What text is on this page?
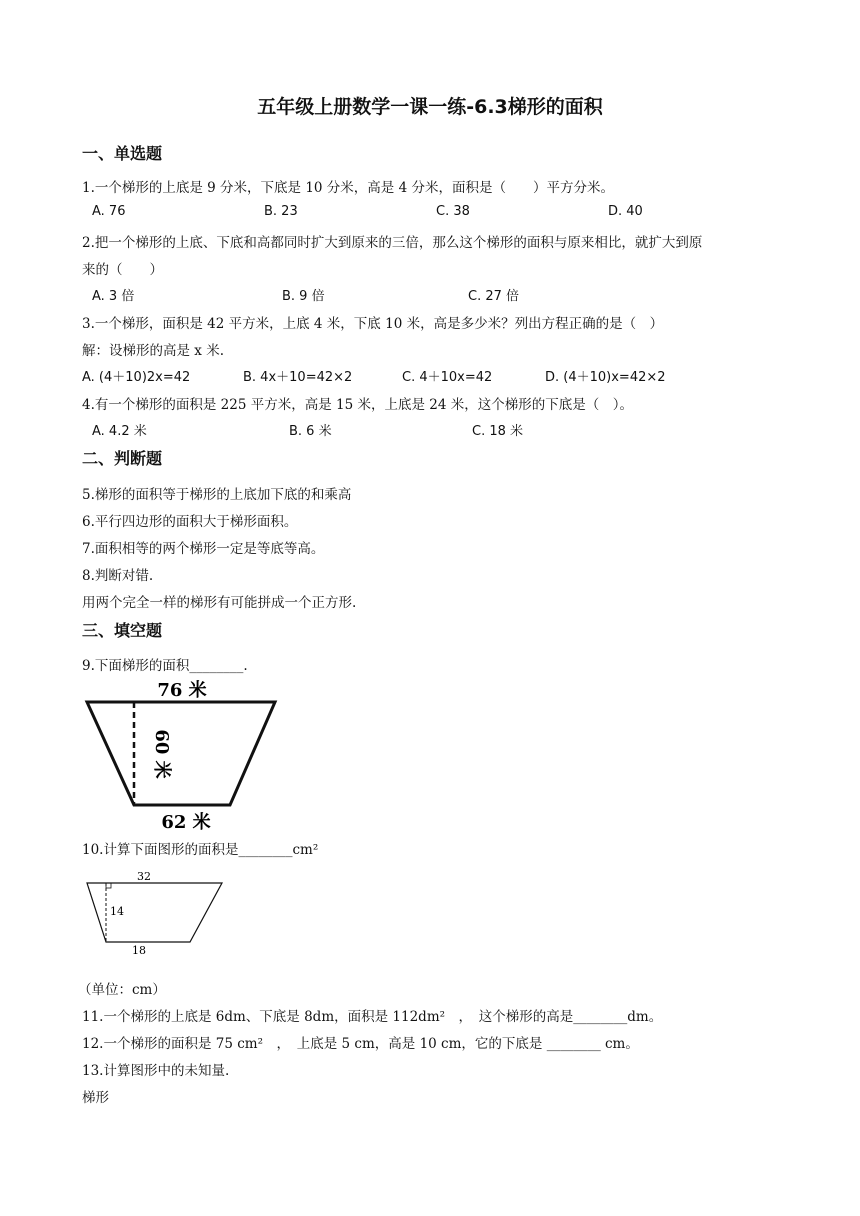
五年级上册数学一课一练-6.3梯形的面积
一、单选题
1.一个梯形的上底是 9 分米，下底是 10 分米，高是 4 分米，面积是（　　）平方分米。
A. 76	B. 23	C. 38	D. 40
2.把一个梯形的上底、下底和高都同时扩大到原来的三倍，那么这个梯形的面积与原来相比，就扩大到原
来的（　　）
A. 3 倍	B. 9 倍	C. 27 倍
3.一个梯形，面积是 42 平方米，上底 4 米，下底 10 米，高是多少米？列出方程正确的是（　）
解：设梯形的高是 x 米.
A. (4＋10)2x=42	B. 4x＋10=42×2	C. 4＋10x=42	D. (4＋10)x=42×2
4.有一个梯形的面积是 225 平方米，高是 15 米，上底是 24 米，这个梯形的下底是（　）。
A. 4.2 米	B. 6 米	C. 18 米
二、判断题
5.梯形的面积等于梯形的上底加下底的和乘高
6.平行四边形的面积大于梯形面积。
7.面积相等的两个梯形一定是等底等高。
8.判断对错.
用两个完全一样的梯形有可能拼成一个正方形.
三、填空题
9.下面梯形的面积________.
76 米
60 米
62 米
10.计算下面图形的面积是________cm²
32
14
18
（单位：cm）
11.一个梯形的上底是 6dm、下底是 8dm，面积是 112dm²　，　这个梯形的高是________dm。
12.一个梯形的面积是 75 cm²　，　上底是 5 cm，高是 10 cm，它的下底是 ________ cm。
13.计算图形中的未知量.
梯形
